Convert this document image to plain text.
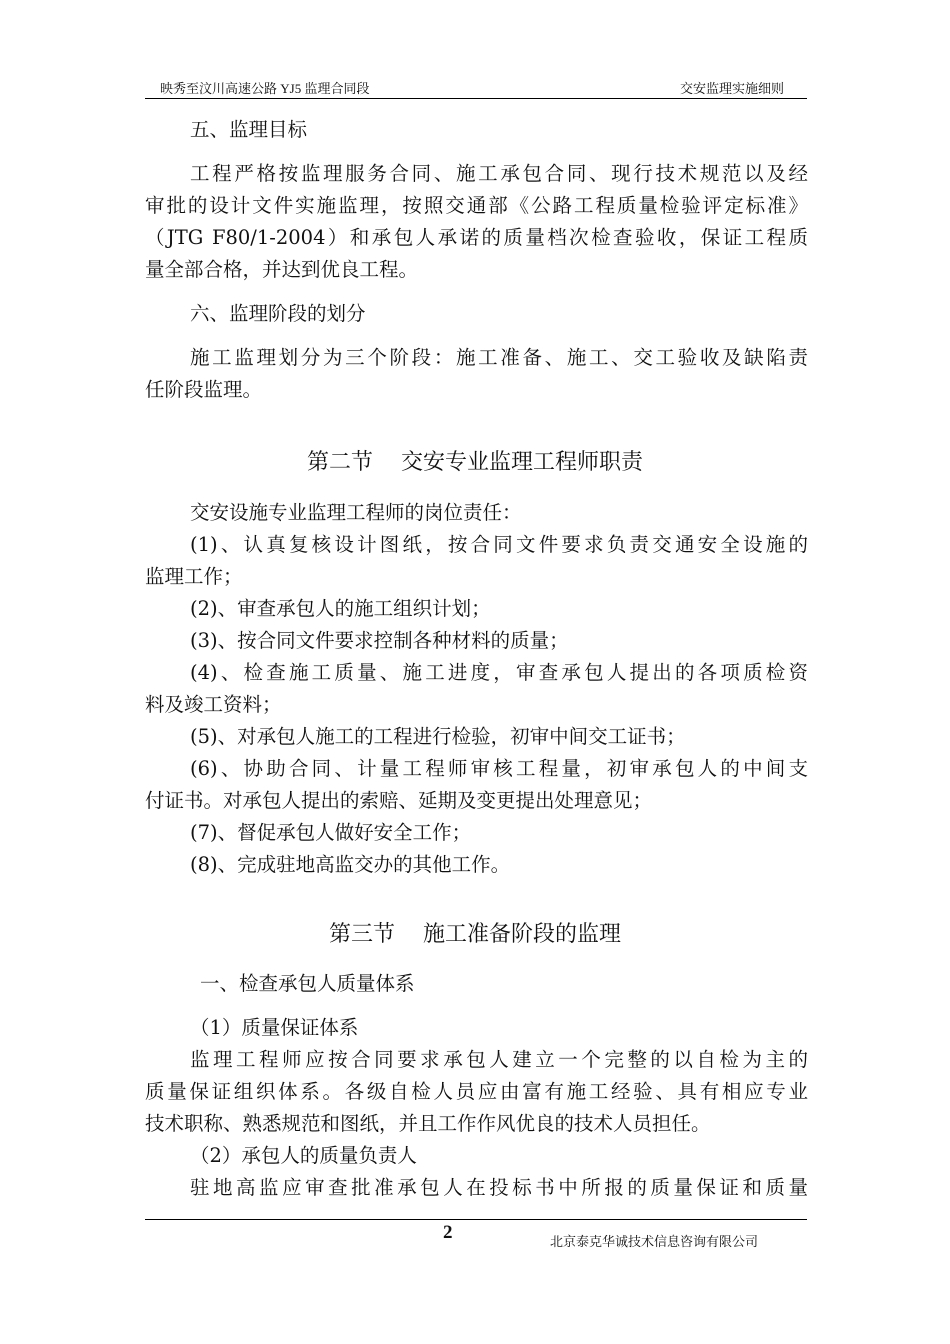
映秀至汶川高速公路 YJ5 监理合同段	交安监理实施细则
五、监理目标
工程严格按监理服务合同、施工承包合同、现行技术规范以及经
审批的设计文件实施监理，按照交通部《公路工程质量检验评定标准》
（JTG F80/1-2004）和承包人承诺的质量档次检查验收，保证工程质
量全部合格，并达到优良工程。
六、监理阶段的划分
施工监理划分为三个阶段：施工准备、施工、交工验收及缺陷责
任阶段监理。
第二节    交安专业监理工程师职责
交安设施专业监理工程师的岗位责任：
(1)、认真复核设计图纸，按合同文件要求负责交通安全设施的
监理工作；
(2)、审查承包人的施工组织计划；
(3)、按合同文件要求控制各种材料的质量；
(4)、检查施工质量、施工进度，审查承包人提出的各项质检资
料及竣工资料；
(5)、对承包人施工的工程进行检验，初审中间交工证书；
(6)、协助合同、计量工程师审核工程量，初审承包人的中间支
付证书。对承包人提出的索赔、延期及变更提出处理意见；
(7)、督促承包人做好安全工作；
(8)、完成驻地高监交办的其他工作。
第三节    施工准备阶段的监理
一、检查承包人质量体系
（1）质量保证体系
监理工程师应按合同要求承包人建立一个完整的以自检为主的
质量保证组织体系。各级自检人员应由富有施工经验、具有相应专业
技术职称、熟悉规范和图纸，并且工作作风优良的技术人员担任。
（2）承包人的质量负责人
驻地高监应审查批准承包人在投标书中所报的质量保证和质量
2	北京泰克华诚技术信息咨询有限公司
